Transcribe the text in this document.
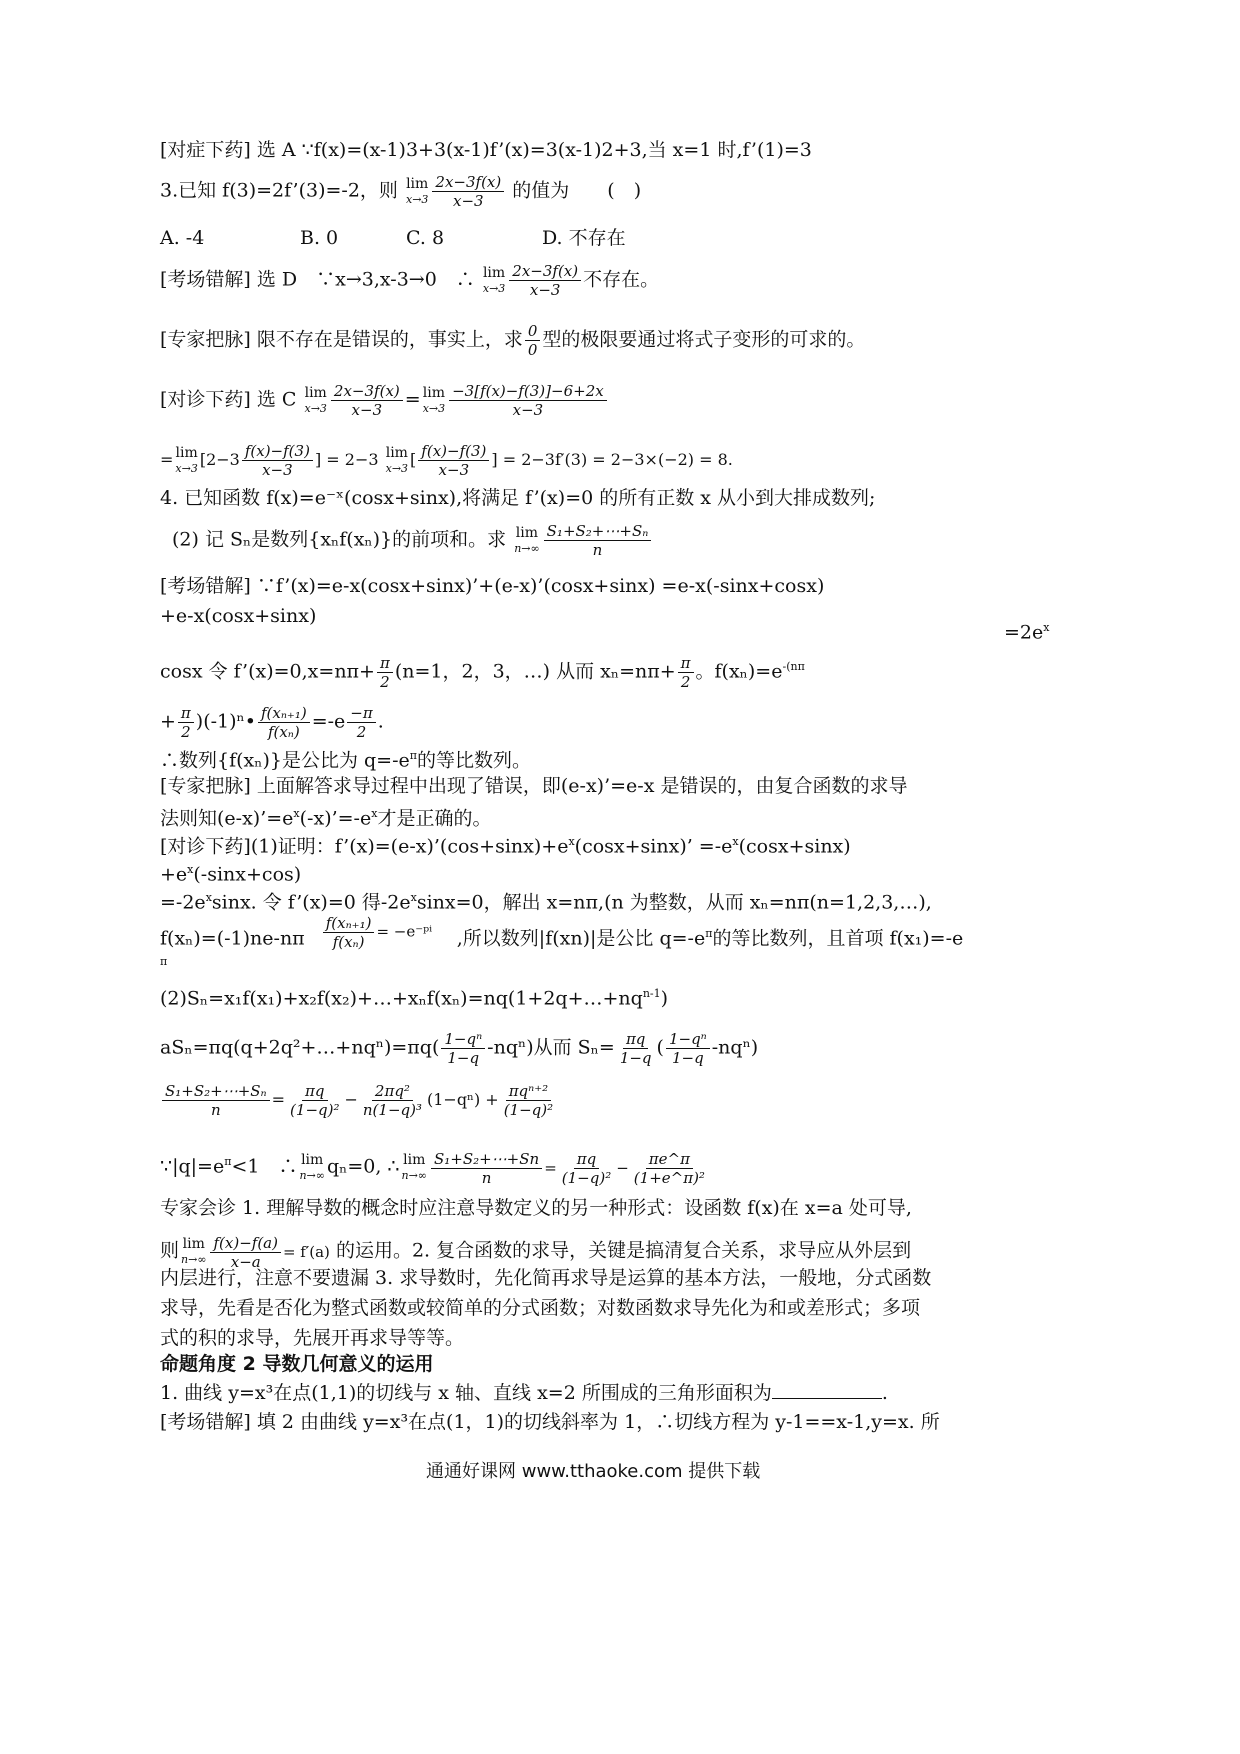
[对症下药] 选 A ∵f(x)=(x-1)3+3(x-1)f’(x)=3(x-1)2+3,当 x=1 时,f’(1)=3
3.已知 f(3)=2f’(3)=-2，则 lim
$x\to 3 \frac{2x-3f(x)}{x-3}$ 的值为　　(　)
A. -4	B. 0	C. 8	D. 不存在
[考场错解] 选 D　∵x→3,x-3→0　∴ lim
$x\to 3 \frac{2x-3f(x)}{x-3}$ 不存在。
[专家把脉] 限不存在是错误的，事实上，求 $\frac{0}{0}$ 型的极限要通过将式子变形的可求的。
[对诊下药] 选 C lim
$x\to 3 \frac{2x-3f(x)}{x-3} = \lim$
$x\to 3 \frac{-3[f(x)-f(3)]-6+2x}{x-3}$
= lim
x→3 [$2-3 \frac{f(x)-f(3)}{x-3}$ ] = 2−3 lim
x→3 [ $\frac{f(x)-f(3)}{x-3}$ ] = 2−3f′(3) = 2−3×(−2) = 8.
4. 已知函数 f(x)=e⁻ˣ(cosx+sinx),将满足 f’(x)=0 的所有正数 x 从小到大排成数列;
(2) 记 Sₙ是数列{xₙf(xₙ)}的前项和。求 lim
$n\to\infty \frac{\text{S₁+S₂+⋯+Sₙ}}{n}$
[考场错解] ∵f’(x)=e-x(cosx+sinx)’+(e-x)’(cosx+sinx) =e-x(-sinx+cosx)
+e-x(cosx+sinx)
$=2e^x$
cosx 令 f’(x)=0,x=nπ+ $\frac{\pi}{2} (n=1$，2，3，…) 从而 $x_n=n\pi+ \frac{\pi}{2}$ 。$f(x_n)=e^{-(n\pi}$
+ $\frac{\pi}{2}$ )(-1)ⁿ• $\frac{\text{f(xₙ₊₁)}}{\text{f(xₙ)}} =-e \frac{-\pi}{2}$ .
∴数列{f(xₙ)}是公比为 $q=-e^\pi$的等比数列。
[专家把脉] 上面解答求导过程中出现了错误，即(e-x)’=e-x 是错误的，由复合函数的求导
法则知$(e-x)’=e^x(-x)’=-e^x$才是正确的。
[对诊下药](1)证明：$f’(x)=(e-x)’(\cos+\sin x)+e^x(\cos x+\sin x)$’ $=-e^x(\cos x+\sin x)$
$+e^x(-\sin x+\cos)$
$=-2e^x\sin x$. 令 f’(x)=0 得$-2e^x\sin x=0$，解出 x=nπ,(n 为整数，从而 xₙ=nπ(n=1,2,3,…),
$f(x_n)=(-1)ne-n\pi \frac{\text{f(xₙ₊₁)}}{\text{f(xₙ)}}$ = −e⁻ᵖⁱ ,所以数列|f(xn)|是公比 $q=-e^\pi$的等比数列，且首项 f(x₁)=-e
π
$(2)S_n=x_1f(x_1)+x_2f(x_2)+\dots+x_nf(x_n)=nq(1+2q+\dots+nq^{n-1})$
aSₙ=πq(q+2q²+…+nqⁿ)=πq( $\frac{\text{1−qⁿ}}{1-q} -nq^n$)从而 $S_n= \frac{\pi q}{1-q}$ ( $\frac{\text{1−qⁿ}}{1-q} -nq^n$)
$\frac{\text{S₁+S₂+⋯+Sₙ}}{n} = \frac{\pi q}{\text{(1−q)²}} - \frac{\text{2πq²}}{\text{n(1−q)³}} (1-q^n) + \pi q^{n+2}$
(1−q)²
$\because|q|=e^\pi<1$　∴ lim
n→∞ qₙ=0, ∴ lim
$n\to\infty \frac{\text{S₁+S₂+⋯+Sn}}{n} = \frac{\pi q}{\text{(1−q)²}} - \frac{\pi e\^{}\pi}{\text{(1+e\textasciicircum{}π)²}}$
专家会诊 1. 理解导数的概念时应注意导数定义的另一种形式：设函数 f(x)在 x=a 处可导,
则 lim
$n\to\infty \frac{f(x)-f(a)}{x-a} = f'(a)$ 的运用。2. 复合函数的求导，关键是搞清复合关系，求导应从外层到
内层进行，注意不要遗漏 3. 求导数时，先化简再求导是运算的基本方法，一般地，分式函数
求导，先看是否化为整式函数或较简单的分式函数；对数函数求导先化为和或差形式；多项
式的积的求导，先展开再求导等等。
命题角度 2 导数几何意义的运用
1. 曲线 y=x³在点(1,1)的切线与 x 轴、直线 x=2 所围成的三角形面积为	.
[考场错解] 填 2 由曲线 y=x³在点(1，1)的切线斜率为 1，∴切线方程为 y-1==x-1,y=x. 所
通通好课网 www.tthaoke.com 提供下载
